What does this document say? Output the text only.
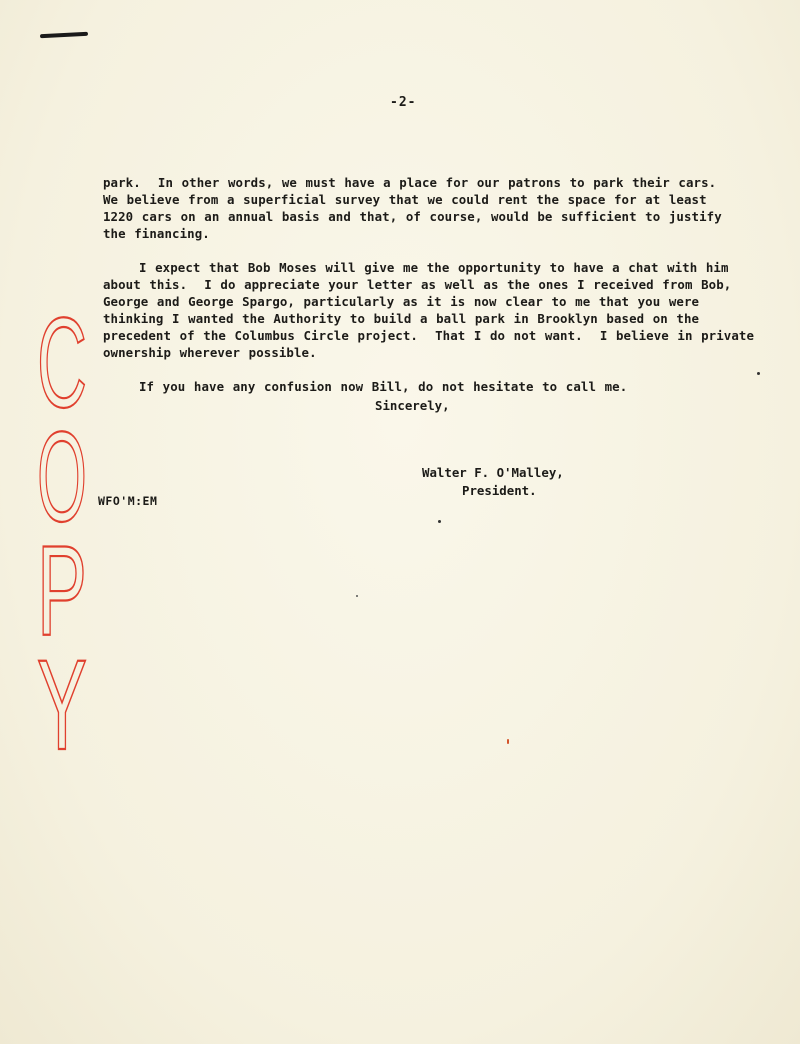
-2-
park.  In other words, we must have a place for our patrons to park their cars.
We believe from a superficial survey that we could rent the space for at least
1220 cars on an annual basis and that, of course, would be sufficient to justify
the financing.
I expect that Bob Moses will give me the opportunity to have a chat with him
about this.  I do appreciate your letter as well as the ones I received from Bob,
George and George Spargo, particularly as it is now clear to me that you were
thinking I wanted the Authority to build a ball park in Brooklyn based on the
precedent of the Columbus Circle project.  That I do not want.  I believe in private
ownership wherever possible.
If you have any confusion now Bill, do not hesitate to call me.
Sincerely,
Walter F. O'Malley,
President.
WFO'M:EM
C
O
P
Y
